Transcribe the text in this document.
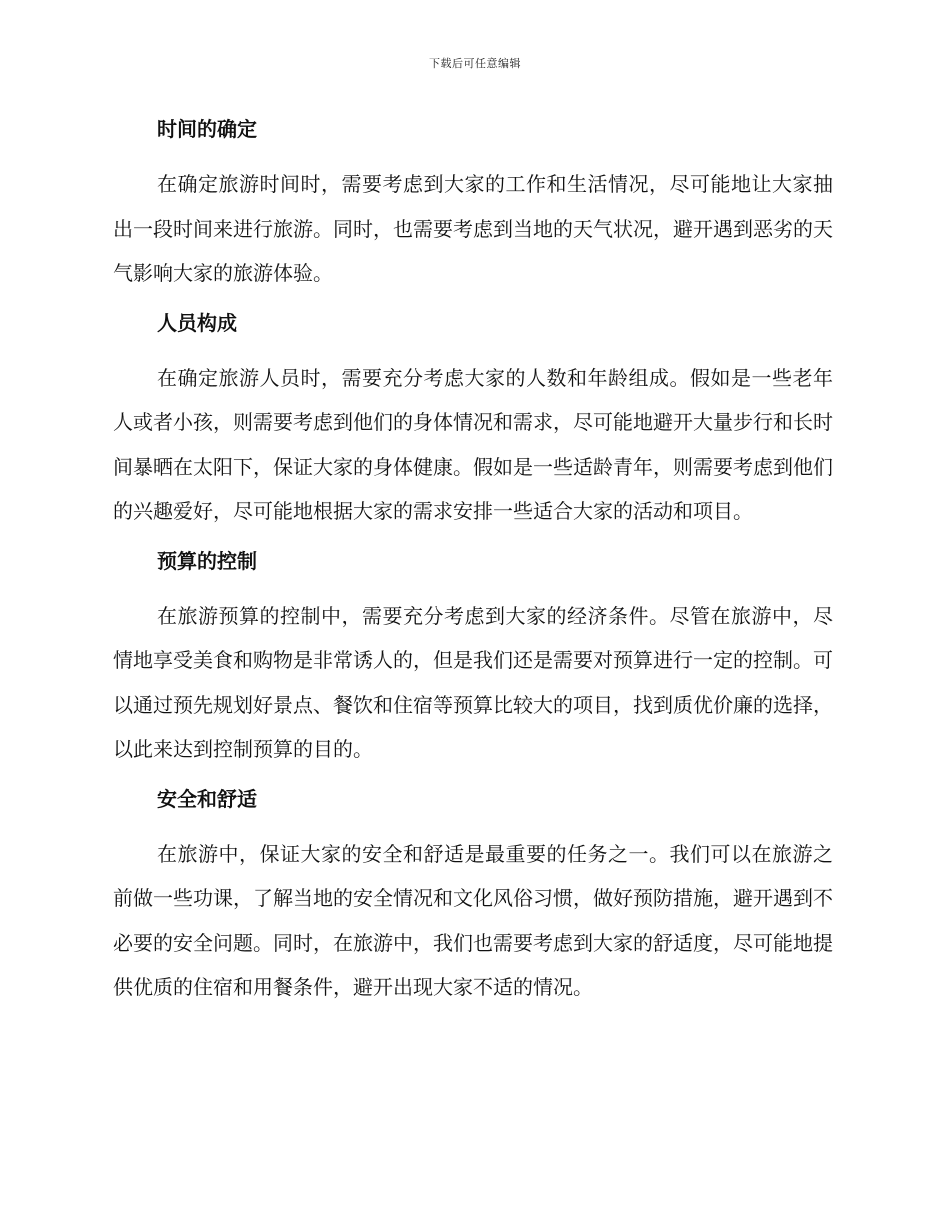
下载后可任意编辑
时间的确定

在确定旅游时间时，需要考虑到大家的工作和生活情况，尽可能地让大家抽出一段时间来进行旅游。同时，也需要考虑到当地的天气状况，避开遇到恶劣的天气影响大家的旅游体验。

人员构成

在确定旅游人员时，需要充分考虑大家的人数和年龄组成。假如是一些老年人或者小孩，则需要考虑到他们的身体情况和需求，尽可能地避开大量步行和长时间暴晒在太阳下，保证大家的身体健康。假如是一些适龄青年，则需要考虑到他们的兴趣爱好，尽可能地根据大家的需求安排一些适合大家的活动和项目。

预算的控制

在旅游预算的控制中，需要充分考虑到大家的经济条件。尽管在旅游中，尽情地享受美食和购物是非常诱人的，但是我们还是需要对预算进行一定的控制。可以通过预先规划好景点、餐饮和住宿等预算比较大的项目，找到质优价廉的选择，以此来达到控制预算的目的。

安全和舒适

在旅游中，保证大家的安全和舒适是最重要的任务之一。我们可以在旅游之前做一些功课，了解当地的安全情况和文化风俗习惯，做好预防措施，避开遇到不必要的安全问题。同时，在旅游中，我们也需要考虑到大家的舒适度，尽可能地提供优质的住宿和用餐条件，避开出现大家不适的情况。
